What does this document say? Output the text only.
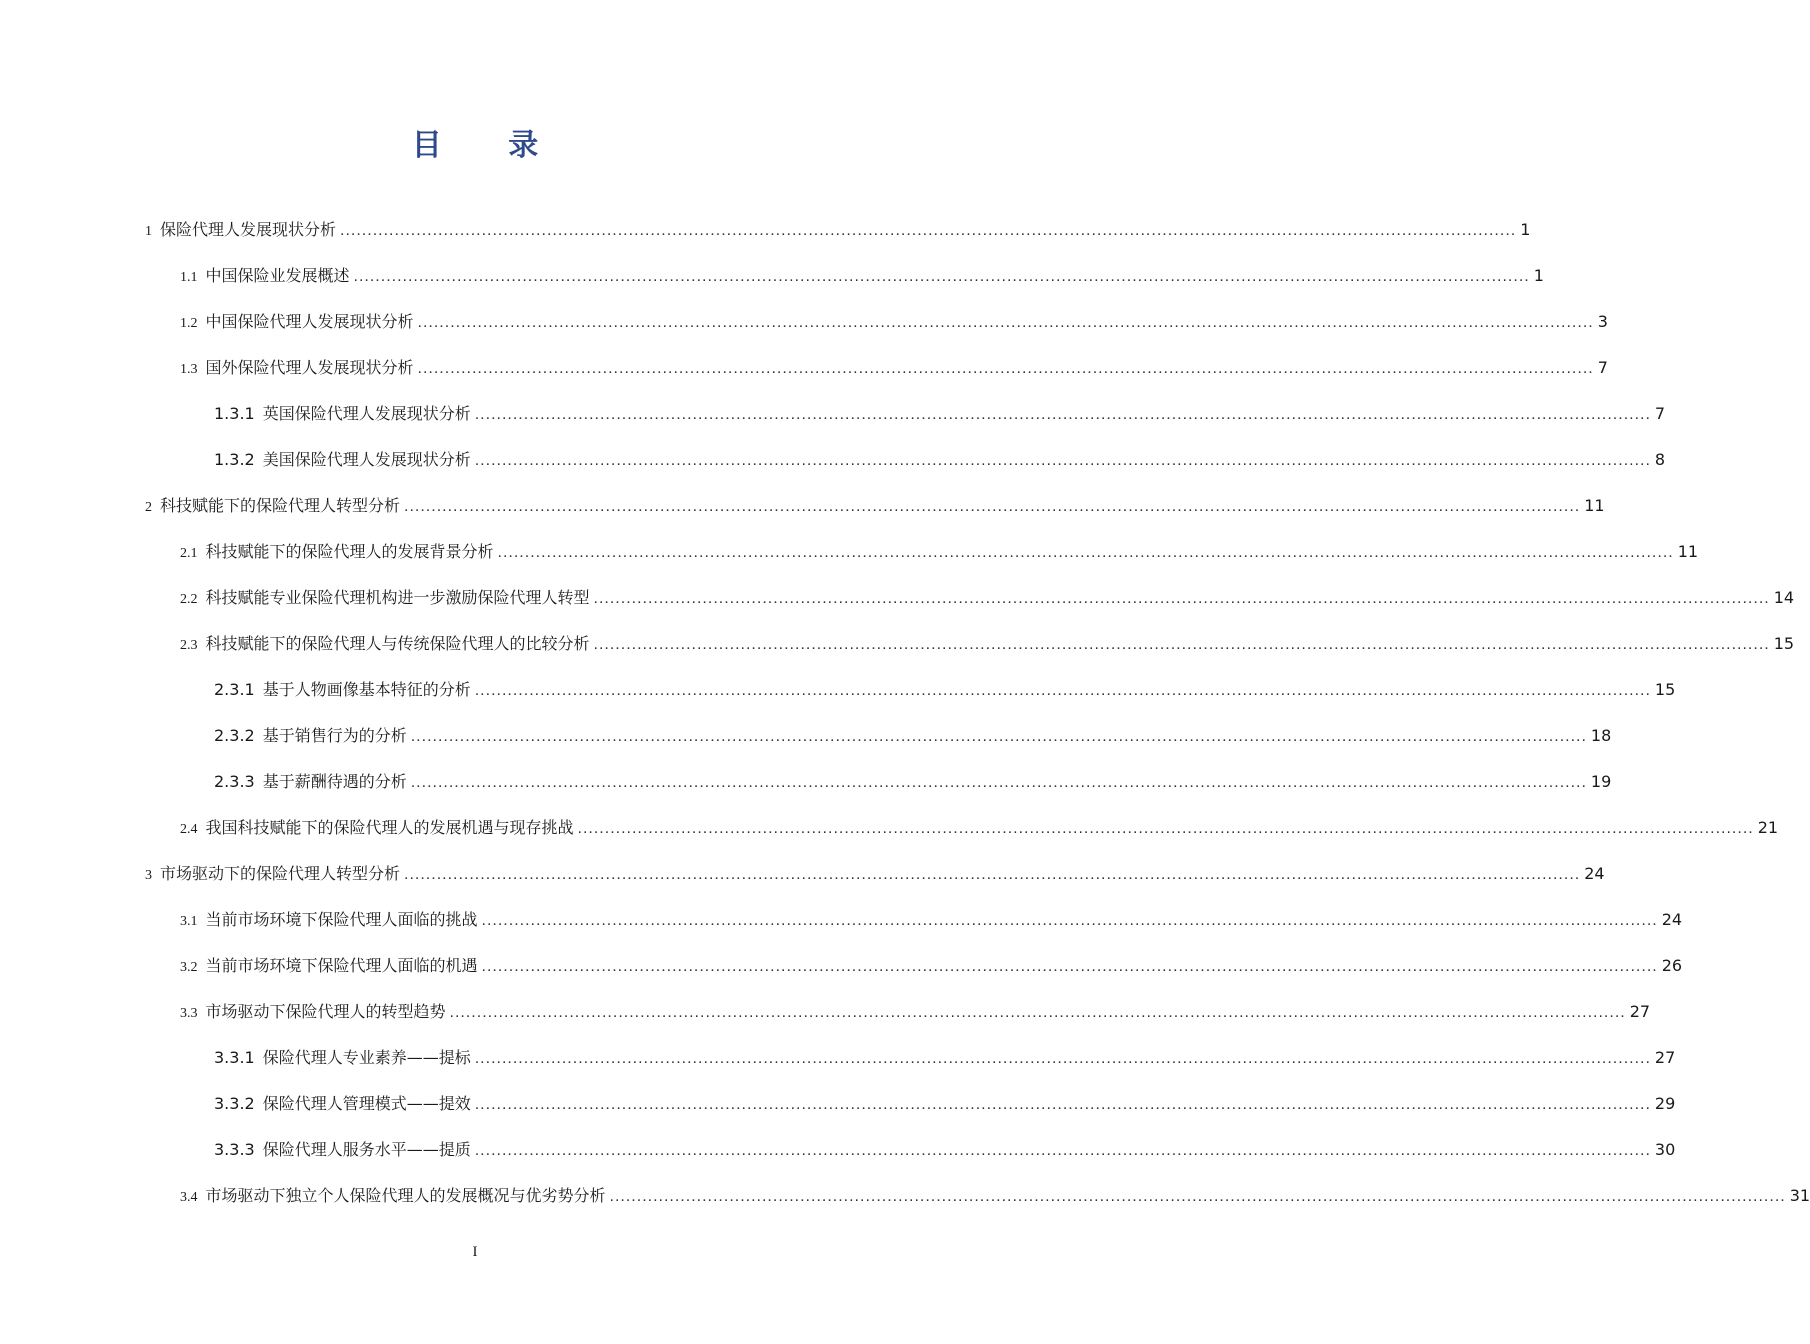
目 录
1 保险代理人发展现状分析 ........................................................................................................................................................................................................................ 1
1.1 中国保险业发展概述 ........................................................................................................................................................................................................................ 1
1.2 中国保险代理人发展现状分析 ........................................................................................................................................................................................................................ 3
1.3 国外保险代理人发展现状分析 ........................................................................................................................................................................................................................ 7
1.3.1 英国保险代理人发展现状分析 ........................................................................................................................................................................................................................ 7
1.3.2 美国保险代理人发展现状分析 ........................................................................................................................................................................................................................ 8
2 科技赋能下的保险代理人转型分析 ........................................................................................................................................................................................................................ 11
2.1 科技赋能下的保险代理人的发展背景分析 ........................................................................................................................................................................................................................ 11
2.2 科技赋能专业保险代理机构进一步激励保险代理人转型 ........................................................................................................................................................................................................................ 14
2.3 科技赋能下的保险代理人与传统保险代理人的比较分析 ........................................................................................................................................................................................................................ 15
2.3.1 基于人物画像基本特征的分析 ........................................................................................................................................................................................................................ 15
2.3.2 基于销售行为的分析 ........................................................................................................................................................................................................................ 18
2.3.3 基于薪酬待遇的分析 ........................................................................................................................................................................................................................ 19
2.4 我国科技赋能下的保险代理人的发展机遇与现存挑战 ........................................................................................................................................................................................................................ 21
3 市场驱动下的保险代理人转型分析 ........................................................................................................................................................................................................................ 24
3.1 当前市场环境下保险代理人面临的挑战 ........................................................................................................................................................................................................................ 24
3.2 当前市场环境下保险代理人面临的机遇 ........................................................................................................................................................................................................................ 26
3.3 市场驱动下保险代理人的转型趋势 ........................................................................................................................................................................................................................ 27
3.3.1 保险代理人专业素养——提标 ........................................................................................................................................................................................................................ 27
3.3.2 保险代理人管理模式——提效 ........................................................................................................................................................................................................................ 29
3.3.3 保险代理人服务水平——提质 ........................................................................................................................................................................................................................ 30
3.4 市场驱动下独立个人保险代理人的发展概况与优劣势分析 ........................................................................................................................................................................................................................ 31
I
